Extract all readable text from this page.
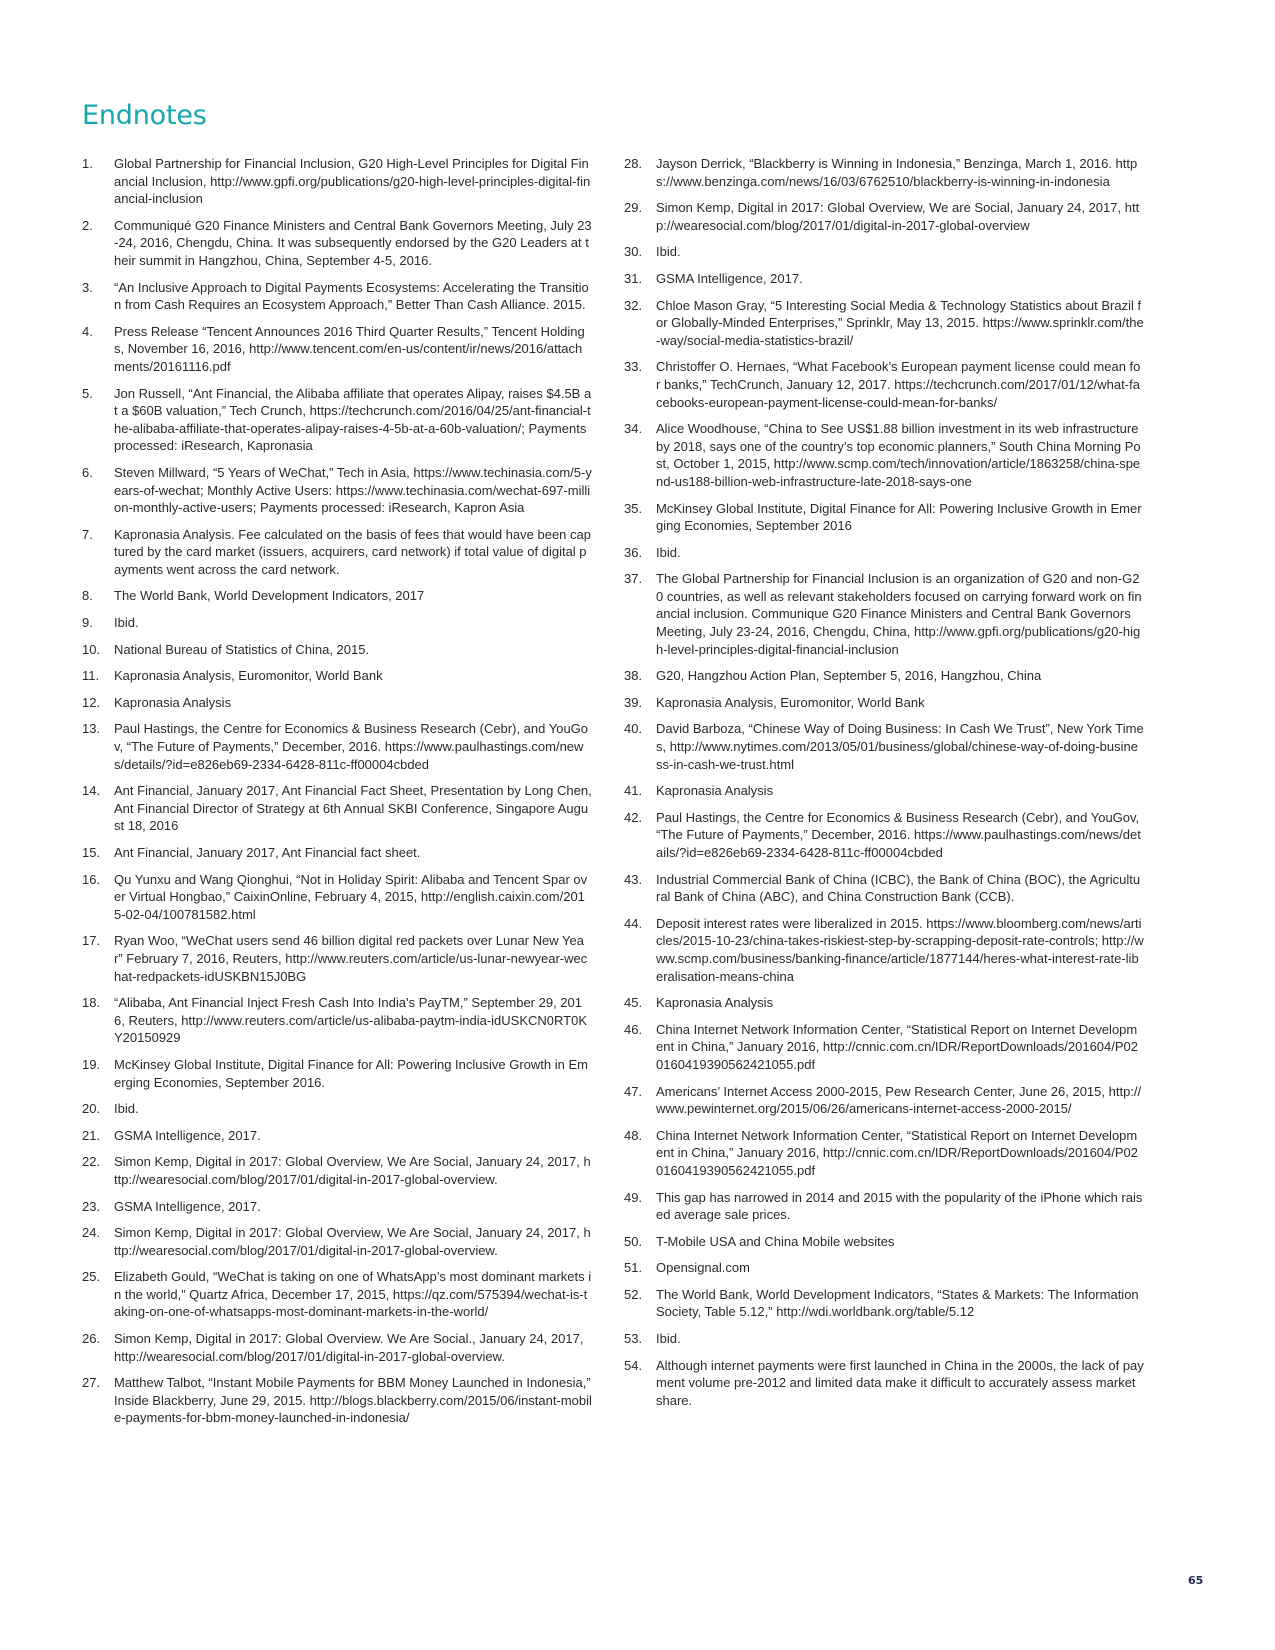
Endnotes
1.	Global Partnership for Financial Inclusion, G20 High-Level Principles for Digital Financial Inclusion, http://www.gpfi.org/publications/g20-high-level-principles-digital-financial-inclusion
2.	Communiqué G20 Finance Ministers and Central Bank Governors Meeting, July 23-24, 2016, Chengdu, China. It was subsequently endorsed by the G20 Leaders at their summit in Hangzhou, China, September 4-5, 2016.
3.	“An Inclusive Approach to Digital Payments Ecosystems: Accelerating the Transition from Cash Requires an Ecosystem Approach,” Better Than Cash Alliance. 2015.
4.	Press Release “Tencent Announces 2016 Third Quarter Results,” Tencent Holdings, November 16, 2016, http://www.tencent.com/en-us/content/ir/news/2016/attachments/20161116.pdf
5.	Jon Russell, “Ant Financial, the Alibaba affiliate that operates Alipay, raises $4.5B at a $60B valuation,” Tech Crunch, https://techcrunch.com/2016/04/25/ant-financial-the-alibaba-affiliate-that-operates-alipay-raises-4-5b-at-a-60b-valuation/; Payments processed: iResearch, Kapronasia
6.	Steven Millward, “5 Years of WeChat,” Tech in Asia, https://www.techinasia.com/5-years-of-wechat; Monthly Active Users: https://www.techinasia.com/wechat-697-million-monthly-active-users; Payments processed: iResearch, Kapron Asia
7.	Kapronasia Analysis. Fee calculated on the basis of fees that would have been captured by the card market (issuers, acquirers, card network) if total value of digital payments went across the card network.
8.	The World Bank, World Development Indicators, 2017
9.	Ibid.
10.	National Bureau of Statistics of China, 2015.
11.	Kapronasia Analysis, Euromonitor, World Bank
12.	Kapronasia Analysis
13.	Paul Hastings, the Centre for Economics & Business Research (Cebr), and YouGov, “The Future of Payments,” December, 2016. https://www.paulhastings.com/news/details/?id=e826eb69-2334-6428-811c-ff00004cbded
14.	Ant Financial, January 2017, Ant Financial Fact Sheet, Presentation by Long Chen, Ant Financial Director of Strategy at 6th Annual SKBI Conference, Singapore August 18, 2016
15.	Ant Financial, January 2017, Ant Financial fact sheet.
16.	Qu Yunxu and Wang Qionghui, “Not in Holiday Spirit: Alibaba and Tencent Spar over Virtual Hongbao,” CaixinOnline, February 4, 2015, http://english.caixin.com/2015-02-04/100781582.html
17.	Ryan Woo, “WeChat users send 46 billion digital red packets over Lunar New Year” February 7, 2016, Reuters, http://www.reuters.com/article/us-lunar-newyear-wechat-redpackets-idUSKBN15J0BG
18.	“Alibaba, Ant Financial Inject Fresh Cash Into India’s PayTM,” September 29, 2016, Reuters, http://www.reuters.com/article/us-alibaba-paytm-india-idUSKCN0RT0KY20150929
19.	McKinsey Global Institute, Digital Finance for All: Powering Inclusive Growth in Emerging Economies, September 2016.
20.	Ibid.
21.	GSMA Intelligence, 2017.
22.	Simon Kemp, Digital in 2017: Global Overview, We Are Social, January 24, 2017, http://wearesocial.com/blog/2017/01/digital-in-2017-global-overview.
23.	GSMA Intelligence, 2017.
24.	Simon Kemp, Digital in 2017: Global Overview, We Are Social, January 24, 2017, http://wearesocial.com/blog/2017/01/digital-in-2017-global-overview.
25.	Elizabeth Gould, “WeChat is taking on one of WhatsApp’s most dominant markets in the world,” Quartz Africa, December 17, 2015, https://qz.com/575394/wechat-is-taking-on-one-of-whatsapps-most-dominant-markets-in-the-world/
26.	Simon Kemp, Digital in 2017: Global Overview. We Are Social., January 24, 2017, http://wearesocial.com/blog/2017/01/digital-in-2017-global-overview.
27.	Matthew Talbot, “Instant Mobile Payments for BBM Money Launched in Indonesia,” Inside Blackberry, June 29, 2015. http://blogs.blackberry.com/2015/06/instant-mobile-payments-for-bbm-money-launched-in-indonesia/
28.	Jayson Derrick, “Blackberry is Winning in Indonesia,” Benzinga, March 1, 2016. https://www.benzinga.com/news/16/03/6762510/blackberry-is-winning-in-indonesia
29.	Simon Kemp, Digital in 2017: Global Overview, We are Social, January 24, 2017, http://wearesocial.com/blog/2017/01/digital-in-2017-global-overview
30.	Ibid.
31.	GSMA Intelligence, 2017.
32.	Chloe Mason Gray, “5 Interesting Social Media & Technology Statistics about Brazil for Globally-Minded Enterprises,” Sprinklr, May 13, 2015. https://www.sprinklr.com/the-way/social-media-statistics-brazil/
33.	Christoffer O. Hernaes, “What Facebook’s European payment license could mean for banks,” TechCrunch, January 12, 2017. https://techcrunch.com/2017/01/12/what-facebooks-european-payment-license-could-mean-for-banks/
34.	Alice Woodhouse, “China to See US$1.88 billion investment in its web infrastructure by 2018, says one of the country’s top economic planners,” South China Morning Post, October 1, 2015, http://www.scmp.com/tech/innovation/article/1863258/china-spend-us188-billion-web-infrastructure-late-2018-says-one
35.	McKinsey Global Institute, Digital Finance for All: Powering Inclusive Growth in Emerging Economies, September 2016
36.	Ibid.
37.	The Global Partnership for Financial Inclusion is an organization of G20 and non-G20 countries, as well as relevant stakeholders focused on carrying forward work on financial inclusion. Communique G20 Finance Ministers and Central Bank Governors Meeting, July 23-24, 2016, Chengdu, China, http://www.gpfi.org/publications/g20-high-level-principles-digital-financial-inclusion
38.	G20, Hangzhou Action Plan, September 5, 2016, Hangzhou, China
39.	Kapronasia Analysis, Euromonitor, World Bank
40.	David Barboza, “Chinese Way of Doing Business: In Cash We Trust”, New York Times, http://www.nytimes.com/2013/05/01/business/global/chinese-way-of-doing-business-in-cash-we-trust.html
41.	Kapronasia Analysis
42.	Paul Hastings, the Centre for Economics & Business Research (Cebr), and YouGov, “The Future of Payments,” December, 2016. https://www.paulhastings.com/news/details/?id=e826eb69-2334-6428-811c-ff00004cbded
43.	Industrial Commercial Bank of China (ICBC), the Bank of China (BOC), the Agricultural Bank of China (ABC), and China Construction Bank (CCB).
44.	Deposit interest rates were liberalized in 2015. https://www.bloomberg.com/news/articles/2015-10-23/china-takes-riskiest-step-by-scrapping-deposit-rate-controls; http://www.scmp.com/business/banking-finance/article/1877144/heres-what-interest-rate-liberalisation-means-china
45.	Kapronasia Analysis
46.	China Internet Network Information Center, “Statistical Report on Internet Development in China,” January 2016, http://cnnic.com.cn/IDR/ReportDownloads/201604/P020160419390562421055.pdf
47.	Americans’ Internet Access 2000-2015, Pew Research Center, June 26, 2015, http://www.pewinternet.org/2015/06/26/americans-internet-access-2000-2015/
48.	China Internet Network Information Center, “Statistical Report on Internet Development in China,” January 2016, http://cnnic.com.cn/IDR/ReportDownloads/201604/P020160419390562421055.pdf
49.	This gap has narrowed in 2014 and 2015 with the popularity of the iPhone which raised average sale prices.
50.	T-Mobile USA and China Mobile websites
51.	Opensignal.com
52.	The World Bank, World Development Indicators, “States & Markets: The Information Society, Table 5.12,” http://wdi.worldbank.org/table/5.12
53.	Ibid.
54.	Although internet payments were first launched in China in the 2000s, the lack of payment volume pre-2012 and limited data make it difficult to accurately assess market share.
65
